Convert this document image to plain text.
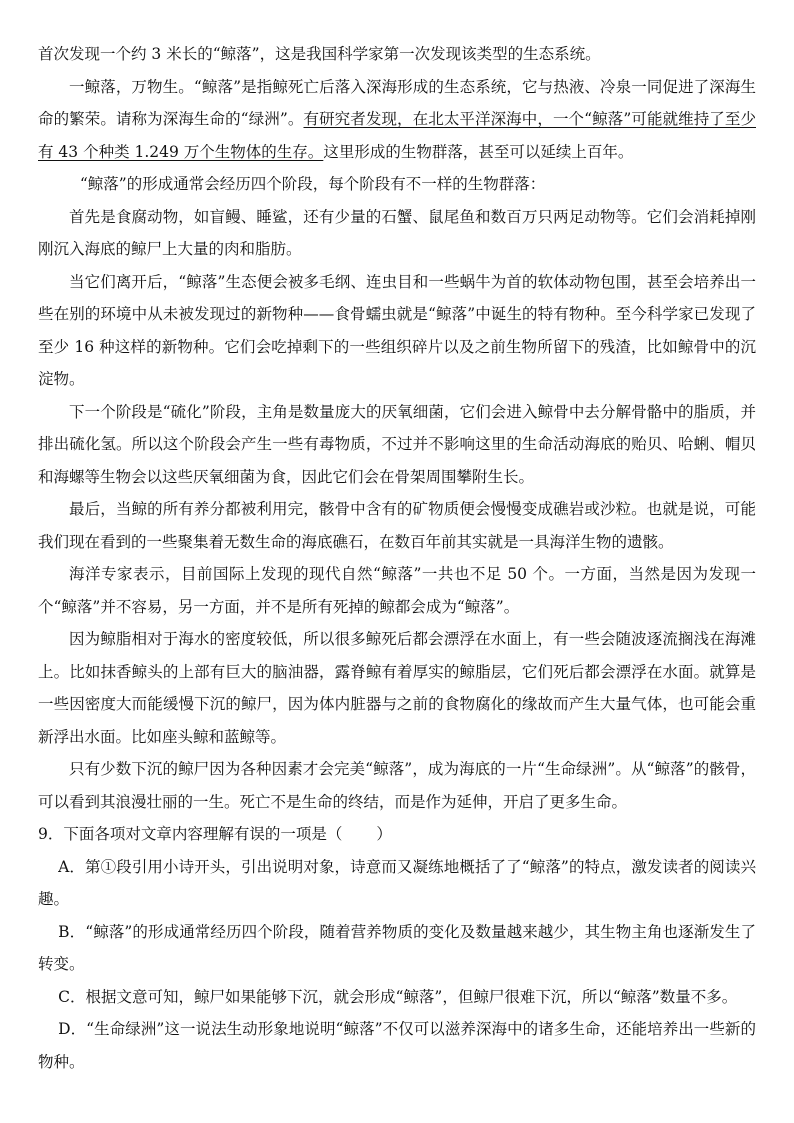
首次发现一个约 3 米长的“鲸落”，这是我国科学家第一次发现该类型的生态系统。

一鲸落，万物生。“鲸落”是指鲸死亡后落入深海形成的生态系统，它与热液、冷泉一同促进了深海生命的繁荣。请称为深海生命的“绿洲”。有研究者发现，在北太平洋深海中，一个“鲸落”可能就维持了至少有 43 个种类 1.249 万个生物体的生存。这里形成的生物群落，甚至可以延续上百年。

“鲸落”的形成通常会经历四个阶段，每个阶段有不一样的生物群落：

首先是食腐动物，如盲鳗、睡鲨，还有少量的石蟹、鼠尾鱼和数百万只两足动物等。它们会消耗掉刚刚沉入海底的鲸尸上大量的肉和脂肪。

当它们离开后，“鲸落”生态便会被多毛纲、连虫目和一些蜗牛为首的软体动物包围，甚至会培养出一些在别的环境中从未被发现过的新物种——食骨蠕虫就是“鲸落”中诞生的特有物种。至今科学家已发现了至少 16 种这样的新物种。它们会吃掉剩下的一些组织碎片以及之前生物所留下的残渣，比如鲸骨中的沉淀物。

下一个阶段是“硫化”阶段，主角是数量庞大的厌氧细菌，它们会进入鲸骨中去分解骨骼中的脂质，并排出硫化氢。所以这个阶段会产生一些有毒物质，不过并不影响这里的生命活动海底的贻贝、哈蜊、帽贝和海螺等生物会以这些厌氧细菌为食，因此它们会在骨架周围攀附生长。

最后，当鲸的所有养分都被利用完，骸骨中含有的矿物质便会慢慢变成礁岩或沙粒。也就是说，可能我们现在看到的一些聚集着无数生命的海底礁石，在数百年前其实就是一具海洋生物的遗骸。

海洋专家表示，目前国际上发现的现代自然“鲸落”一共也不足 50 个。一方面，当然是因为发现一个“鲸落”并不容易，另一方面，并不是所有死掉的鲸都会成为“鲸落”。

因为鲸脂相对于海水的密度较低，所以很多鲸死后都会漂浮在水面上，有一些会随波逐流搁浅在海滩上。比如抹香鲸头的上部有巨大的脑油器，露脊鲸有着厚实的鲸脂层，它们死后都会漂浮在水面。就算是一些因密度大而能缓慢下沉的鲸尸，因为体内脏器与之前的食物腐化的缘故而产生大量气体，也可能会重新浮出水面。比如座头鲸和蓝鲸等。

只有少数下沉的鲸尸因为各种因素才会完美“鲸落”，成为海底的一片“生命绿洲”。从“鲸落”的骸骨，可以看到其浪漫壮丽的一生。死亡不是生命的终结，而是作为延伸，开启了更多生命。

9．下面各项对文章内容理解有误的一项是（ ）

A．第①段引用小诗开头，引出说明对象，诗意而又凝练地概括了了“鲸落”的特点，激发读者的阅读兴趣。

B．“鲸落”的形成通常经历四个阶段，随着营养物质的变化及数量越来越少，其生物主角也逐渐发生了转变。

C．根据文意可知，鲸尸如果能够下沉，就会形成“鲸落”，但鲸尸很难下沉，所以“鲸落”数量不多。

D．“生命绿洲”这一说法生动形象地说明“鲸落”不仅可以滋养深海中的诸多生命，还能培养出一些新的物种。
